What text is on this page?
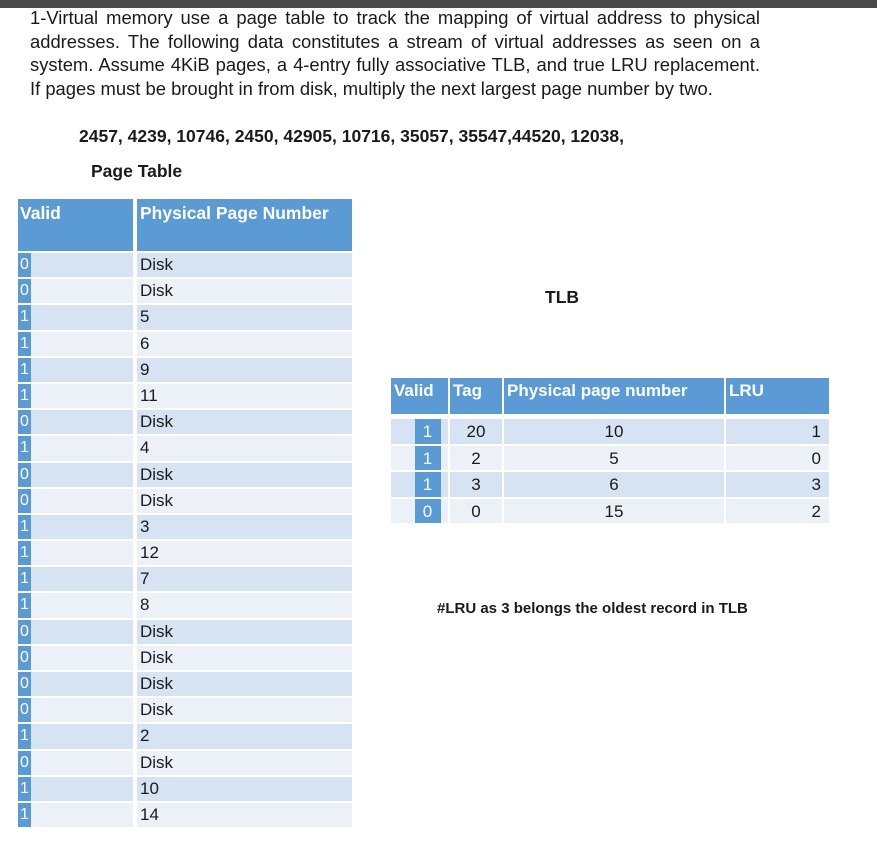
1-Virtual memory use a page table to track the mapping of virtual address to physical addresses. The following data constitutes a stream of virtual addresses as seen on a system. Assume 4KiB pages, a 4-entry fully associative TLB, and true LRU replacement. If pages must be brought in from disk, multiply the next largest page number by two.

2457, 4239, 10746, 2450, 42905, 10716, 35057, 35547,44520, 12038,
Page Table
Valid	Physical Page Number
0	Disk
0	Disk
1	5
1	6
1	9
1	11
0	Disk
1	4
0	Disk
0	Disk
1	3
1	12
1	7
1	8
0	Disk
0	Disk
0	Disk
0	Disk
1	2
0	Disk
1	10
1	14
TLB
Valid	Tag	Physical page number	LRU
1	20	10	1
1	2	5	0
1	3	6	3
0	0	15	2
#LRU as 3 belongs the oldest record in TLB
